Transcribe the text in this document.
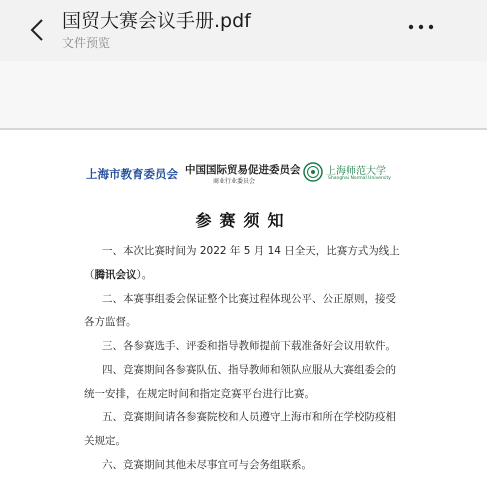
国贸大赛会议手册.pdf
文件预览
上海市教育委员会 中国国际贸易促进委员会
商业行业委员会
上海师范大学
Shanghai Normal University
参赛须知
一、本次比赛时间为 2022 年 5 月 14 日全天，比赛方式为线上
（腾讯会议）。
二、本赛事组委会保证整个比赛过程体现公平、公正原则，接受
各方监督。
三、各参赛选手、评委和指导教师提前下载准备好会议用软件。
四、竞赛期间各参赛队伍、指导教师和领队应服从大赛组委会的
统一安排，在规定时间和指定竞赛平台进行比赛。
五、竞赛期间请各参赛院校和人员遵守上海市和所在学校防疫相
关规定。
六、竞赛期间其他未尽事宜可与会务组联系。
